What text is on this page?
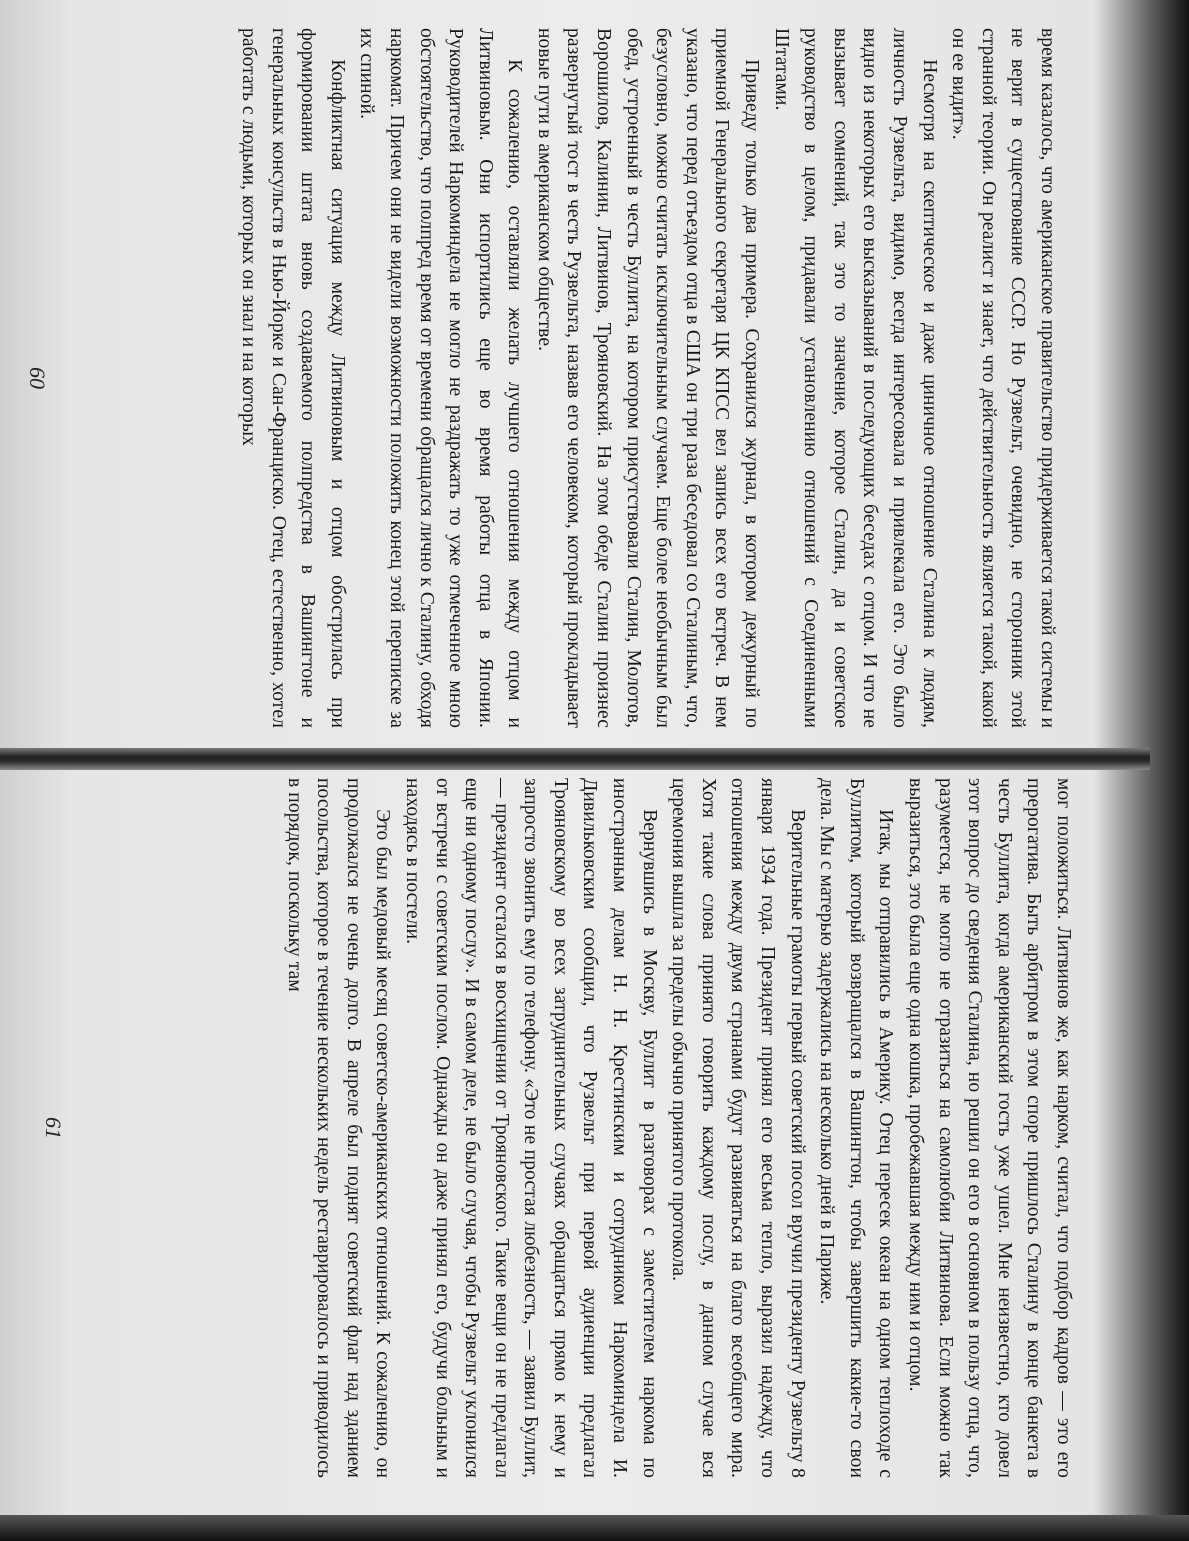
время казалось, что американское правительство придерживается такой системы и не верит в существование СССР. Но Рузвельт, очевидно, не сторонник этой странной теории. Он реалист и знает, что действительность является такой, какой он ее видит».

Несмотря на скептическое и даже циничное отношение Сталина к людям, личность Рузвельта, видимо, всегда интересовала и привлекала его. Это было видно из некоторых его высказываний в последующих беседах с отцом. И что не вызывает сомнений, так это то значение, которое Сталин, да и советское руководство в целом, придавали установлению отношений с Соединенными Штатами.

Приведу только два примера. Сохранился журнал, в котором дежурный по приемной Генерального секретаря ЦК КПСС вел запись всех его встреч. В нем указано, что перед отъездом отца в США он три раза беседовал со Сталиным, что, безусловно, можно считать исключительным случаем. Еще более необычным был обед, устроенный в честь Буллита, на котором присутствовали Сталин, Молотов, Ворошилов, Калинин, Литвинов, Трояновский. На этом обеде Сталин произнес развернутый тост в честь Рузвельта, назвав его человеком, который прокладывает новые пути в американском обществе.

К сожалению, оставляли желать лучшего отношения между отцом и Литвиновым. Они испортились еще во время работы отца в Японии. Руководителей Наркоминдела не могло не раздражать то уже отмеченное мною обстоятельство, что полпред время от времени обращался лично к Сталину, обходя наркомат. Причем они не видели возможности положить конец этой переписке за их спиной.

Конфликтная ситуация между Литвиновым и отцом обострилась при формировании штата вновь создаваемого полпредства в Вашингтоне и генеральных консульств в Нью-Йорке и Сан-Франциско. Отец, естественно, хотел работать с людьми, которых он знал и на которых

60

мог положиться. Литвинов же, как нарком, считал, что подбор кадров — это его прерогатива. Быть арбитром в этом споре пришлось Сталину в конце банкета в честь Буллита, когда американский гость уже ушел. Мне неизвестно, кто довел этот вопрос до сведения Сталина, но решил он его в основном в пользу отца, что, разумеется, не могло не отразиться на самолюбии Литвинова. Если можно так выразиться, это была еще одна кошка, пробежавшая между ним и отцом.

Итак, мы отправились в Америку. Отец пересек океан на одном теплоходе с Буллитом, который возвращался в Вашингтон, чтобы завершить какие-то свои дела. Мы с матерью задержались на несколько дней в Париже.

Верительные грамоты первый советский посол вручил президенту Рузвельту 8 января 1934 года. Президент принял его весьма тепло, выразил надежду, что отношения между двумя странами будут развиваться на благо всеобщего мира. Хотя такие слова принято говорить каждому послу, в данном случае вся церемония вышла за пределы обычно принятого протокола.

Вернувшись в Москву, Буллит в разговорах с заместителем наркома по иностранным делам Н. Н. Крестинским и сотрудником Наркоминдела И. Дивильковским сообщил, что Рузвельт при первой аудиенции предлагал Трояновскому во всех затруднительных случаях обращаться прямо к нему и запросто звонить ему по телефону. «Это не простая любезность, — заявил Буллит, — президент остался в восхищении от Трояновского. Такие вещи он не предлагал еще ни одному послу». И в самом деле, не было случая, чтобы Рузвельт уклонился от встречи с советским послом. Однажды он даже принял его, будучи больным и находясь в постели.

Это был медовый месяц советско-американских отношений. К сожалению, он продолжался не очень долго. В апреле был поднят советский флаг над зданием посольства, которое в течение нескольких недель реставрировалось и приводилось в порядок, поскольку там

61
